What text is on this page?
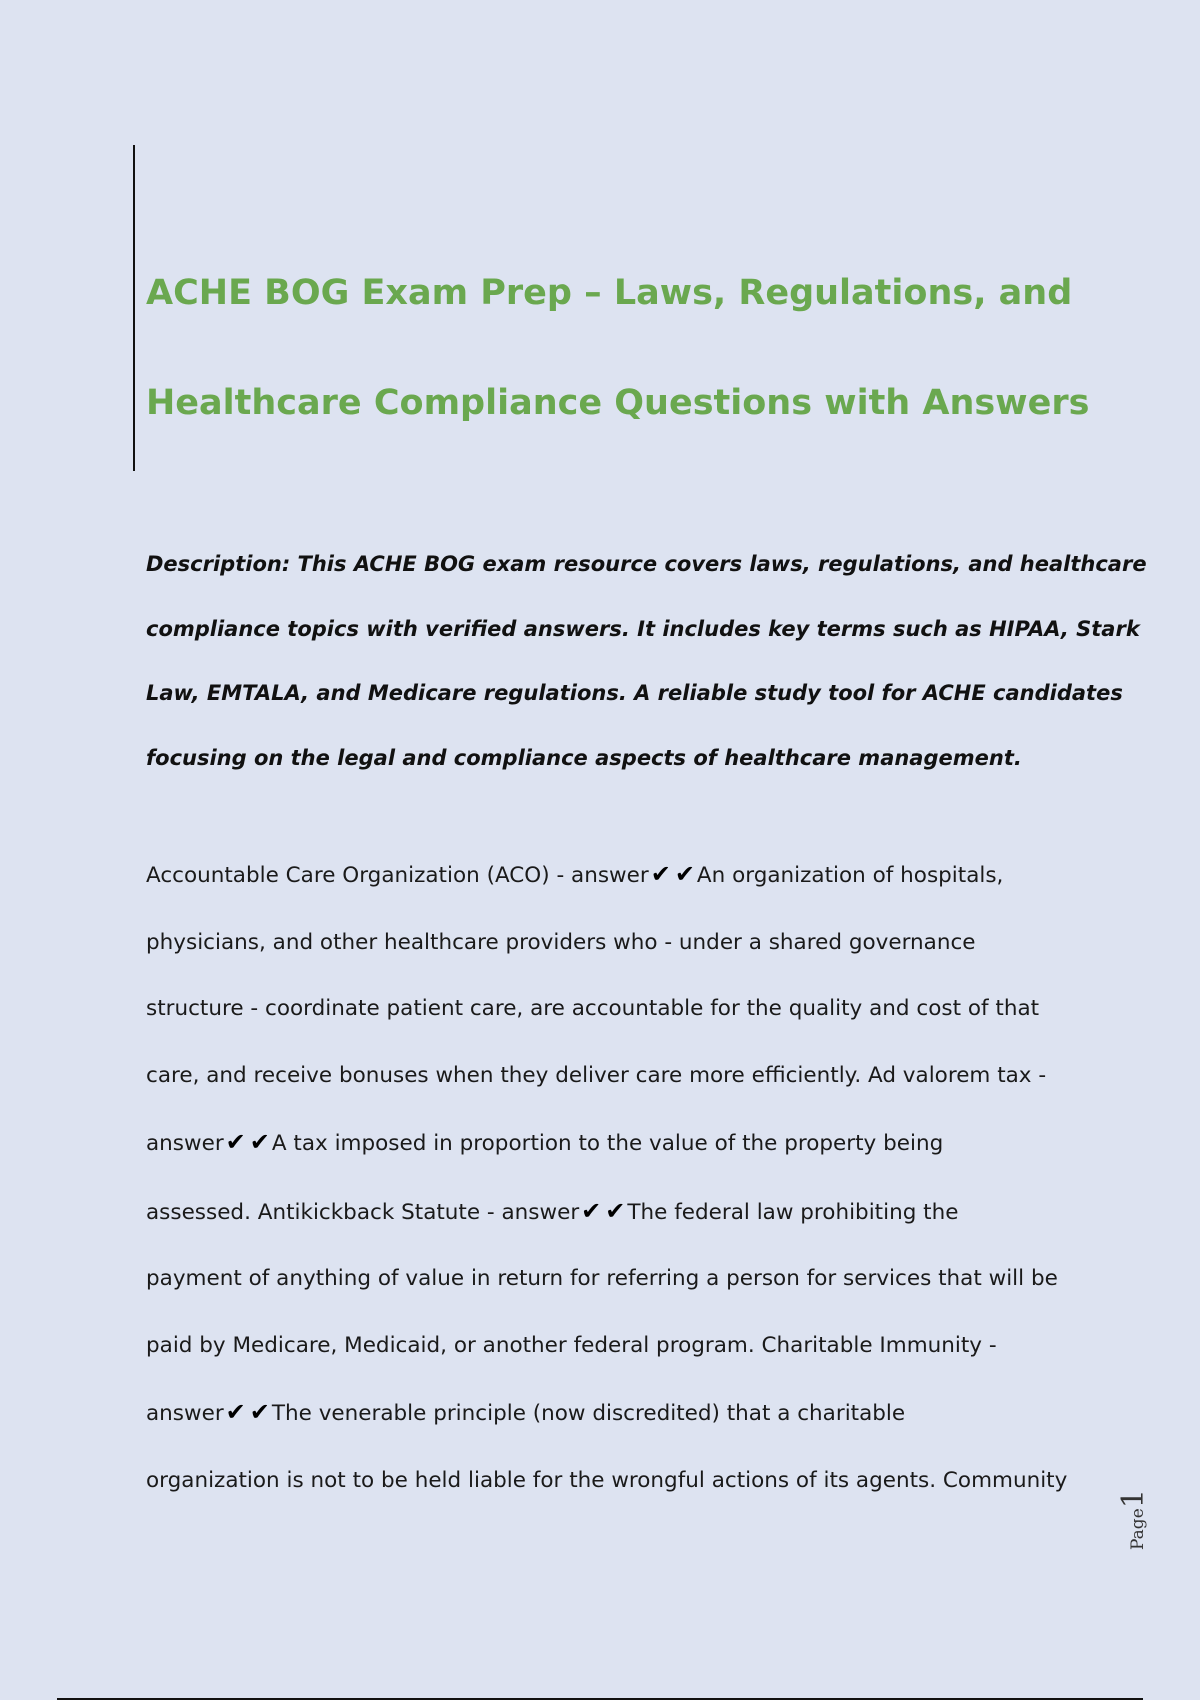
ACHE BOG Exam Prep – Laws, Regulations, and
Healthcare Compliance Questions with Answers
Description: This ACHE BOG exam resource covers laws, regulations, and healthcare
compliance topics with verified answers. It includes key terms such as HIPAA, Stark
Law, EMTALA, and Medicare regulations. A reliable study tool for ACHE candidates
focusing on the legal and compliance aspects of healthcare management.
Accountable Care Organization (ACO) - answer✔ ✔An organization of hospitals,
physicians, and other healthcare providers who - under a shared governance
structure - coordinate patient care, are accountable for the quality and cost of that
care, and receive bonuses when they deliver care more efficiently. Ad valorem tax -
answer✔ ✔A tax imposed in proportion to the value of the property being
assessed. Antikickback Statute - answer✔ ✔The federal law prohibiting the
payment of anything of value in return for referring a person for services that will be
paid by Medicare, Medicaid, or another federal program. Charitable Immunity -
answer✔ ✔The venerable principle (now discredited) that a charitable
organization is not to be held liable for the wrongful actions of its agents. Community
Page1
